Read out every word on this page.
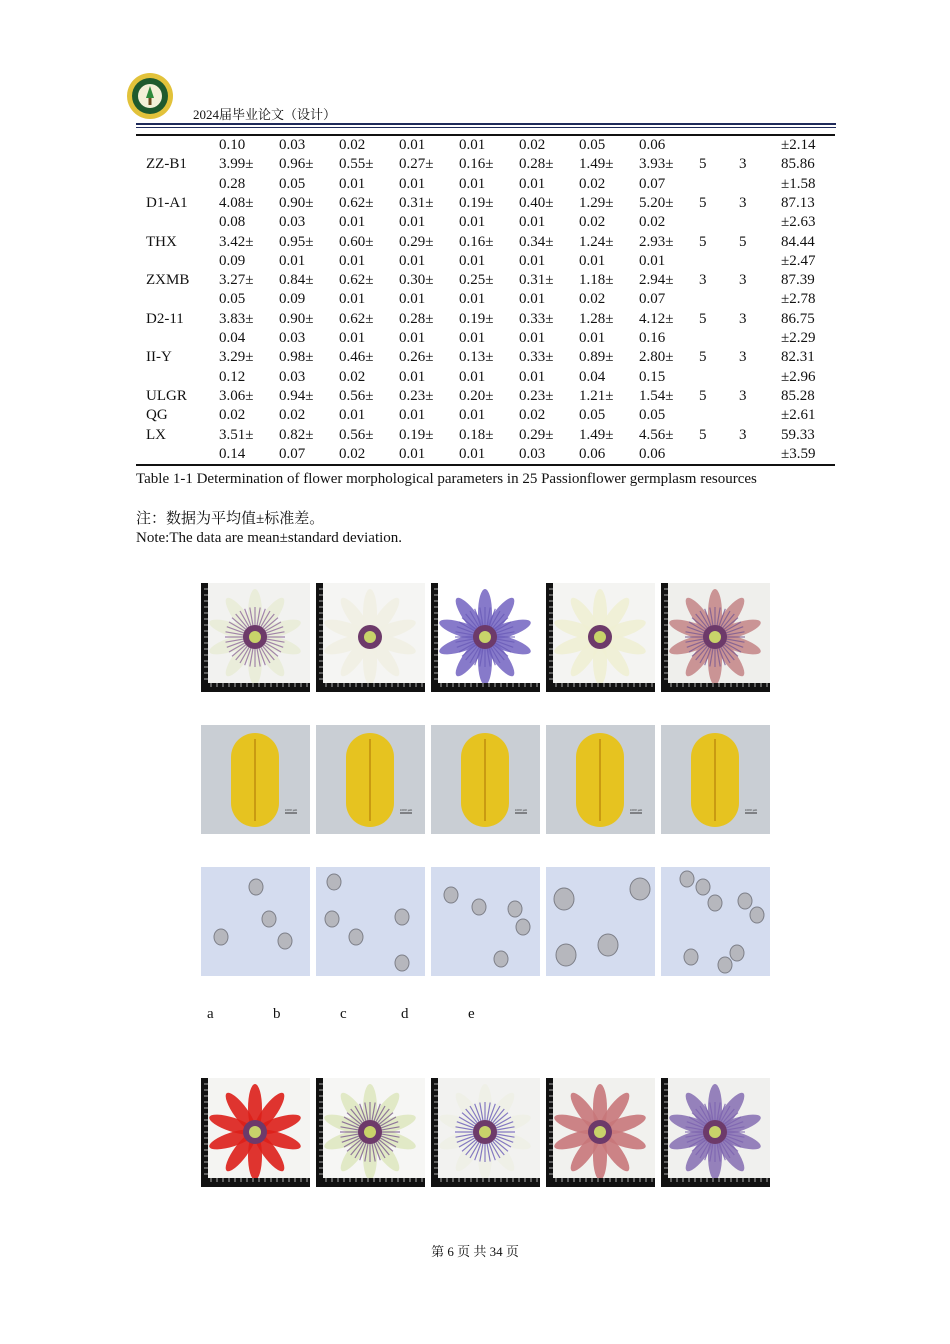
2024届毕业论文（设计）
0.10 0.03 0.02 0.01 0.01 0.02 0.05 0.06	±2.14
ZZ-B1 3.99± 0.96± 0.55± 0.27± 0.16± 0.28± 1.49± 3.93± 5 3 85.86
0.28 0.05 0.01 0.01 0.01 0.01 0.02 0.07	±1.58
D1-A1 4.08± 0.90± 0.62± 0.31± 0.19± 0.40± 1.29± 5.20± 5 3 87.13
0.08 0.03 0.01 0.01 0.01 0.01 0.02 0.02	±2.63
THX	3.42± 0.95± 0.60± 0.29± 0.16± 0.34± 1.24± 2.93± 5 5 84.44
0.09 0.01 0.01 0.01 0.01 0.01 0.01 0.01	±2.47
ZXMB 3.27± 0.84± 0.62± 0.30± 0.25± 0.31± 1.18± 2.94± 3 3 87.39
0.05 0.09 0.01 0.01 0.01 0.01 0.02 0.07	±2.78
D2-11 3.83± 0.90± 0.62± 0.28± 0.19± 0.33± 1.28± 4.12± 5 3 86.75
0.04 0.03 0.01 0.01 0.01 0.01 0.01 0.16	±2.29
II-Y	3.29± 0.98± 0.46± 0.26± 0.13± 0.33± 0.89± 2.80± 5 3 82.31
0.12 0.03 0.02 0.01 0.01 0.01 0.04 0.15	±2.96
ULGR 3.06± 0.94± 0.56± 0.23± 0.20± 0.23± 1.21± 1.54± 5 3 85.28
QG	0.02 0.02 0.01 0.01 0.01 0.02 0.05 0.05	±2.61
LX	3.51± 0.82± 0.56± 0.19± 0.18± 0.29± 1.49± 4.56± 5 3 59.33
0.14 0.07 0.02 0.01 0.01 0.03 0.06 0.06	±3.59
Table 1-1 Determination of flower morphological parameters in 25 Passionflower germplasm resources
注：数据为平均值±标准差。
Note:The data are mean±standard deviation.
1000 μm	1000 μm	1000 μm	1000 μm	1000 μm
a	b	c	d	e
第 6 页 共 34 页
